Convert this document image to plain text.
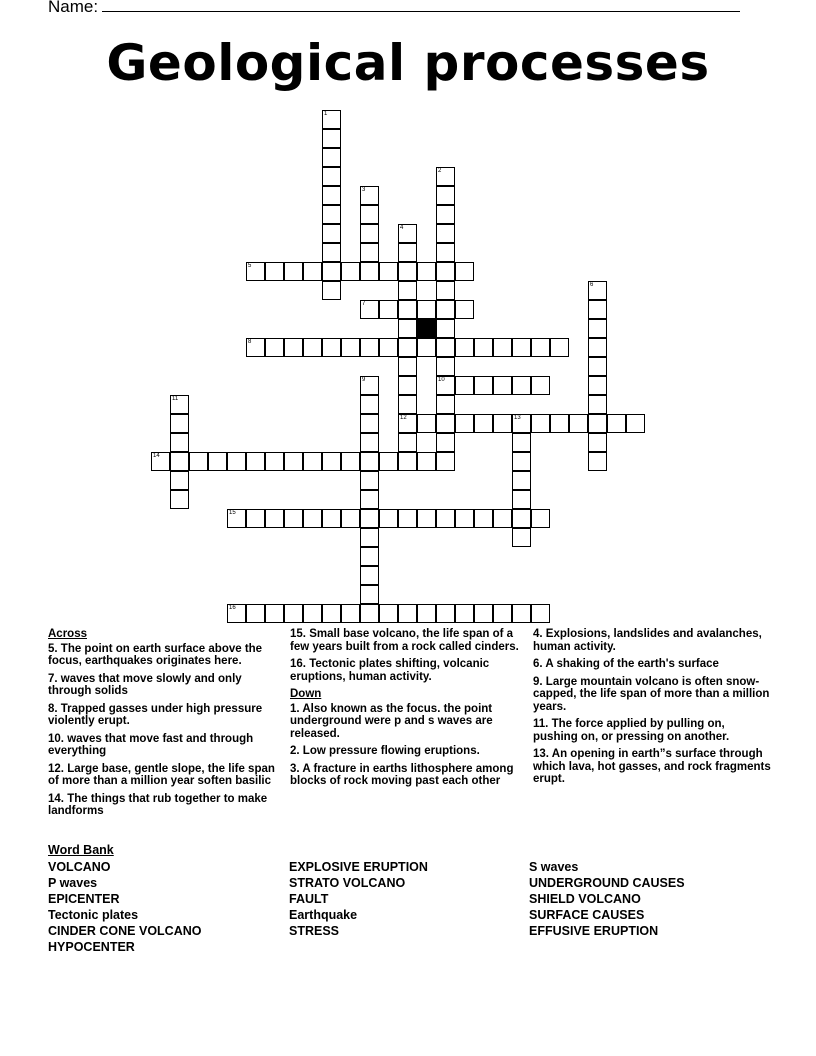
Name:
Geological processes
1
2
10
3
4
12
5
6
7
8
9
11
13
14
15
16
Across
5. The point on earth surface above the focus, earthquakes originates here.
7. waves that move slowly and only through solids
8. Trapped gasses under high pressure violently erupt.
10. waves that move fast and through everything
12. Large base, gentle slope, the life span of more than a million year soften basilic
14. The things that rub together to make landforms
15. Small base volcano, the life span of a few years built from a rock called cinders.
16. Tectonic plates shifting, volcanic eruptions, human activity.
Down
1. Also known as the focus. the point underground were p and s waves are released.
2. Low pressure flowing eruptions.
3. A fracture in earths lithosphere among blocks of rock moving past each other
4. Explosions, landslides and avalanches, human activity.
6. A shaking of the earth's surface
9. Large mountain volcano is often snow-capped, the life span of more than a million years.
11. The force applied by pulling on, pushing on, or pressing on another.
13. An opening in earth”s surface through which lava, hot gasses, and rock fragments erupt.
Word Bank
VOLCANO
P waves
EPICENTER
Tectonic plates
CINDER CONE VOLCANO
HYPOCENTER
EXPLOSIVE ERUPTION
STRATO VOLCANO
FAULT
Earthquake
STRESS
S waves
UNDERGROUND CAUSES
SHIELD VOLCANO
SURFACE CAUSES
EFFUSIVE ERUPTION
